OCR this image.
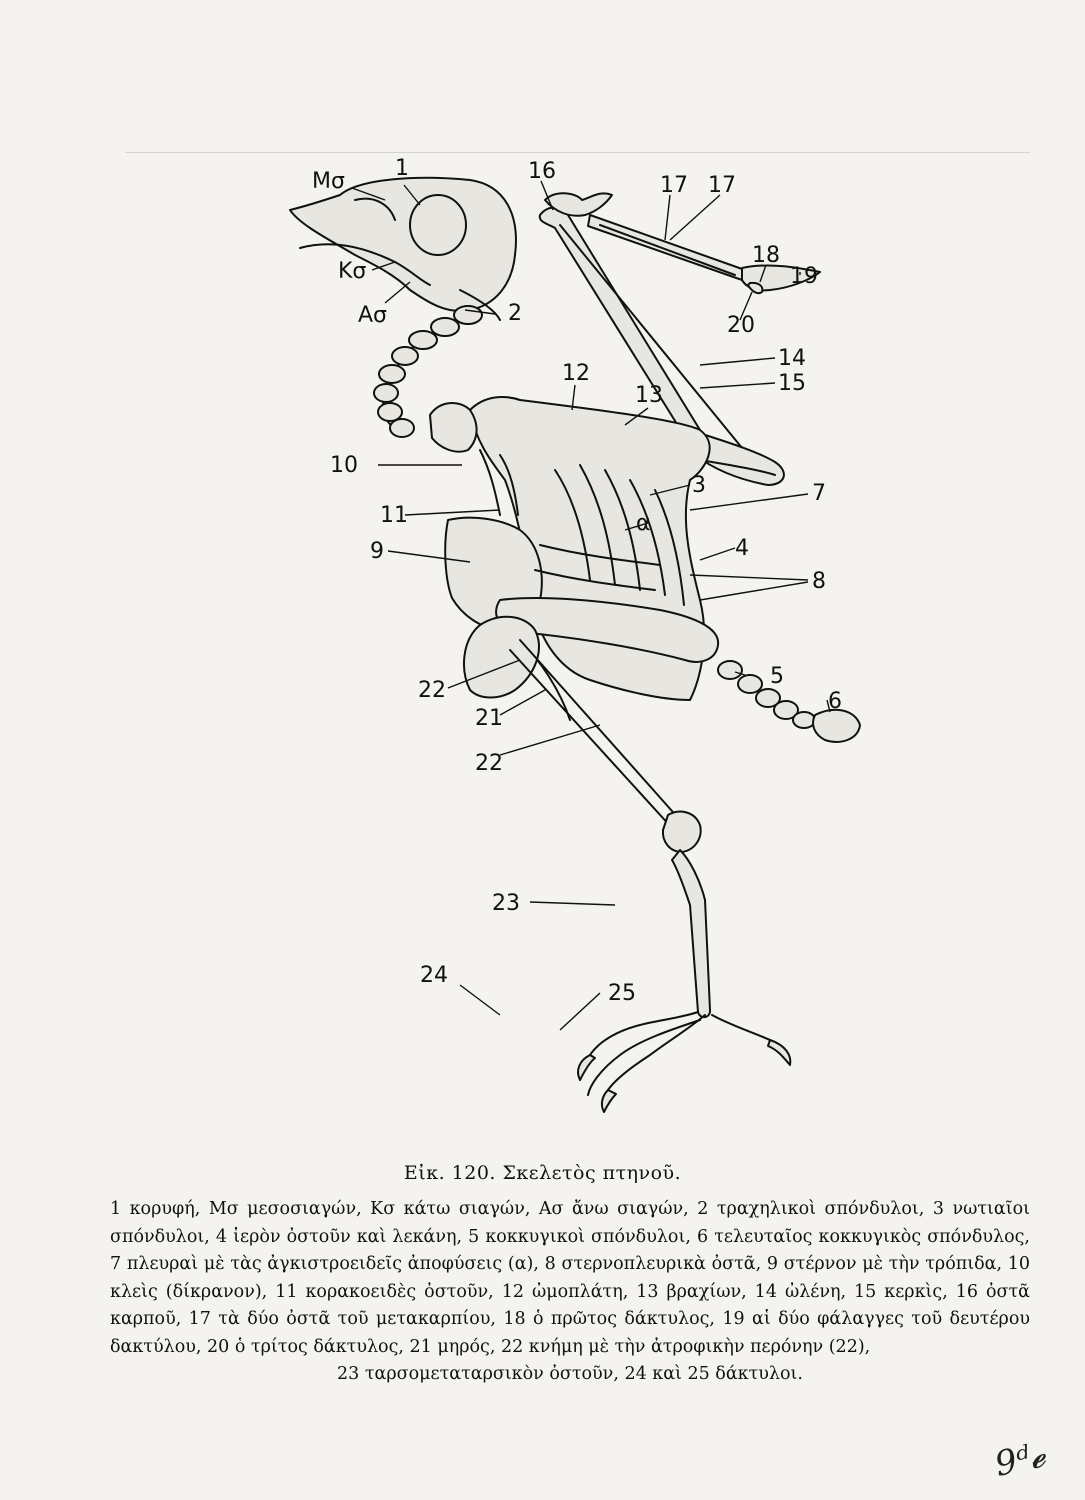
Μσ
1
Κσ
Ασ	2
16
17 17
18
19
20
14
15
12
13
10
11
9
3	7
α
4
8
5
6
22
21
22
23
24
25
Εἰκ. 120. Σκελετὸς πτηνοῦ.
1 κορυφή, Μσ μεσοσιαγών, Κσ κάτω σιαγών, Ασ ἄνω σιαγών, 2 τραχηλικοὶ σπόνδυλοι, 3 νωτιαῖοι σπόνδυλοι, 4 ἱερὸν ὀστοῦν καὶ λεκάνη, 5 κοκκυγικοὶ σπόνδυλοι, 6 τελευταῖος κοκκυγικὸς σπόνδυλος, 7 πλευραὶ μὲ τὰς ἀγκιστροειδεῖς ἀποφύσεις (α), 8 στερνοπλευρικὰ ὀστᾶ, 9 στέρνον μὲ τὴν τρόπιδα, 10 κλεὶς (δίκρανον), 11 κορακοειδὲς ὀστοῦν, 12 ὠμοπλάτη, 13 βραχίων, 14 ὠλένη, 15 κερκὶς, 16 ὀστᾶ καρποῦ, 17 τὰ δύο ὀστᾶ τοῦ μετακαρπίου, 18 ὁ πρῶτος δάκτυλος, 19 αἱ δύο φάλαγγες τοῦ δευτέρου δακτύλου, 20 ὁ τρίτος δάκτυλος, 21 μηρός, 22 κνήμη μὲ τὴν ἀτροφικὴν περόνην (22),
23 ταρσομεταταρσικὸν ὀστοῦν, 24 καὶ 25 δάκτυλοι.
9ᵈ𝓮
